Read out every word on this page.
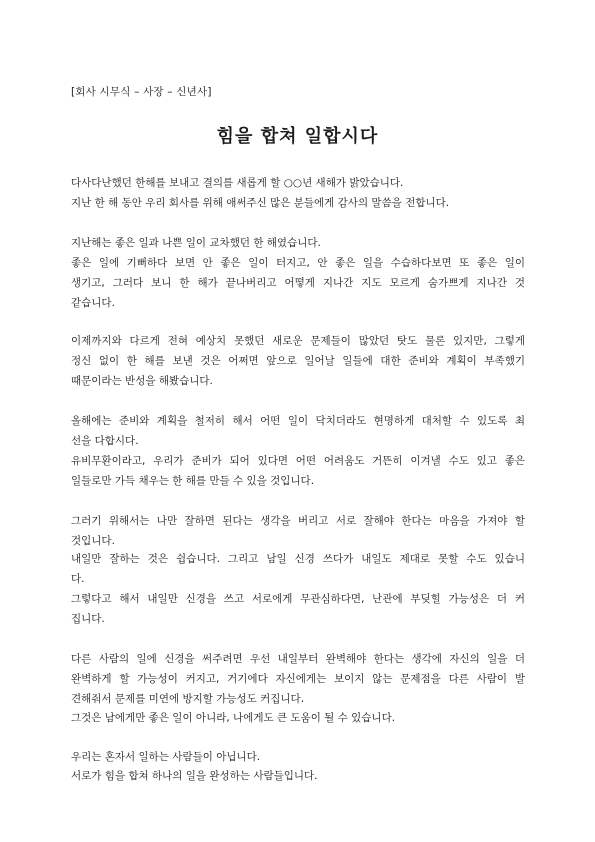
[회사 시무식 – 사장 – 신년사]
힘을 합쳐 일합시다
다사다난했던 한해를 보내고 결의를 새롭게 할 ○○년 새해가 밝았습니다.
지난 한 해 동안 우리 회사를 위해 애써주신 많은 분들에게 감사의 말씀을 전합니다.
지난해는 좋은 일과 나쁜 일이 교차했던 한 해였습니다.
좋은 일에 기뻐하다 보면 안 좋은 일이 터지고, 안 좋은 일을 수습하다보면 또 좋은 일이
생기고, 그러다 보니 한 해가 끝나버리고 어떻게 지나간 지도 모르게 숨가쁘게 지나간 것
같습니다.
이제까지와 다르게 전혀 예상치 못했던 새로운 문제들이 많았던 탓도 물론 있지만, 그렇게
정신 없이 한 해를 보낸 것은 어쩌면 앞으로 일어날 일들에 대한 준비와 계획이 부족했기
때문이라는 반성을 해봤습니다.
올해에는 준비와 계획을 철저히 해서 어떤 일이 닥치더라도 현명하게 대처할 수 있도록 최
선을 다합시다.
유비무환이라고, 우리가 준비가 되어 있다면 어떤 어려움도 거뜬히 이겨낼 수도 있고 좋은
일들로만 가득 채우는 한 해를 만들 수 있을 것입니다.
그러기 위해서는 나만 잘하면 된다는 생각을 버리고 서로 잘해야 한다는 마음을 가져야 할
것입니다.
내일만 잘하는 것은 쉽습니다. 그리고 남일 신경 쓰다가 내일도 제대로 못할 수도 있습니
다.
그렇다고 해서 내일만 신경을 쓰고 서로에게 무관심하다면, 난관에 부딪힐 가능성은 더 커
집니다.
다른 사람의 일에 신경을 써주려면 우선 내일부터 완벽해야 한다는 생각에 자신의 일을 더
완벽하게 할 가능성이 커지고, 거기에다 자신에게는 보이지 않는 문제점을 다른 사람이 발
견해줘서 문제를 미연에 방지할 가능성도 커집니다.
그것은 남에게만 좋은 일이 아니라, 나에게도 큰 도움이 될 수 있습니다.
우리는 혼자서 일하는 사람들이 아닙니다.
서로가 힘을 합쳐 하나의 일을 완성하는 사람들입니다.
